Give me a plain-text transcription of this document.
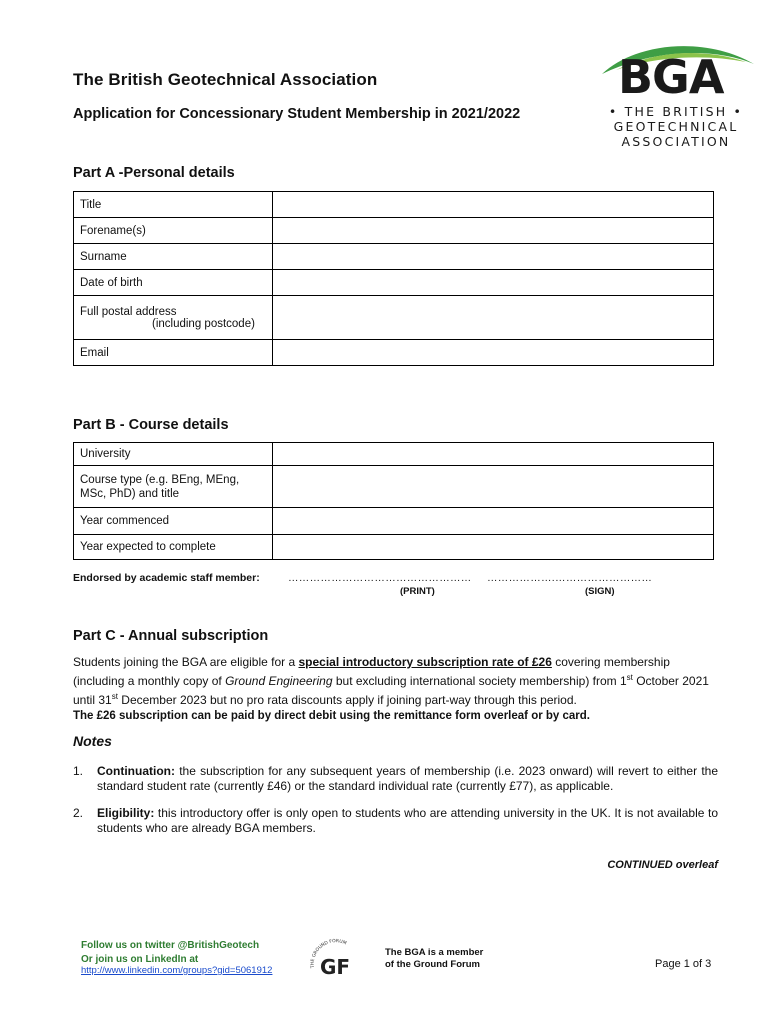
The British Geotechnical Association
Application for Concessionary Student Membership in 2021/2022
BGA
• THE BRITISH •
GEOTECHNICAL
ASSOCIATION
Part A -Personal details
Title	
Forename(s)	
Surname	
Date of birth	

Full postal address
(including postcode)	

Email	
Part B - Course details
University	
Course type (e.g. BEng, MEng, MSc, PhD) and title	
Year commenced	
Year expected to complete	
Endorsed by academic staff member:	…………………………………………… ……………….………………………
(PRINT)	(SIGN)
Part C - Annual subscription
Students joining the BGA are eligible for a special introductory subscription rate of £26 covering membership (including a monthly copy of Ground Engineering but excluding international society membership) from 1st October 2021 until 31st December 2023 but no pro rata discounts apply if joining part-way through this period.
The £26 subscription can be paid by direct debit using the remittance form overleaf or by card.
Notes
1. Continuation: the subscription for any subsequent years of membership (i.e. 2023 onward) will revert to either the standard student rate (currently £46) or the standard individual rate (currently £77), as applicable.
2. Eligibility: this introductory offer is only open to students who are attending university in the UK. It is not available to students who are already BGA members.
CONTINUED overleaf
Follow us on twitter @BritishGeotech
Or join us on LinkedIn at
http://www.linkedin.com/groups?gid=5061912	THE GROUND FORUM
GF
The BGA is a member
of the Ground Forum	Page 1 of 3
